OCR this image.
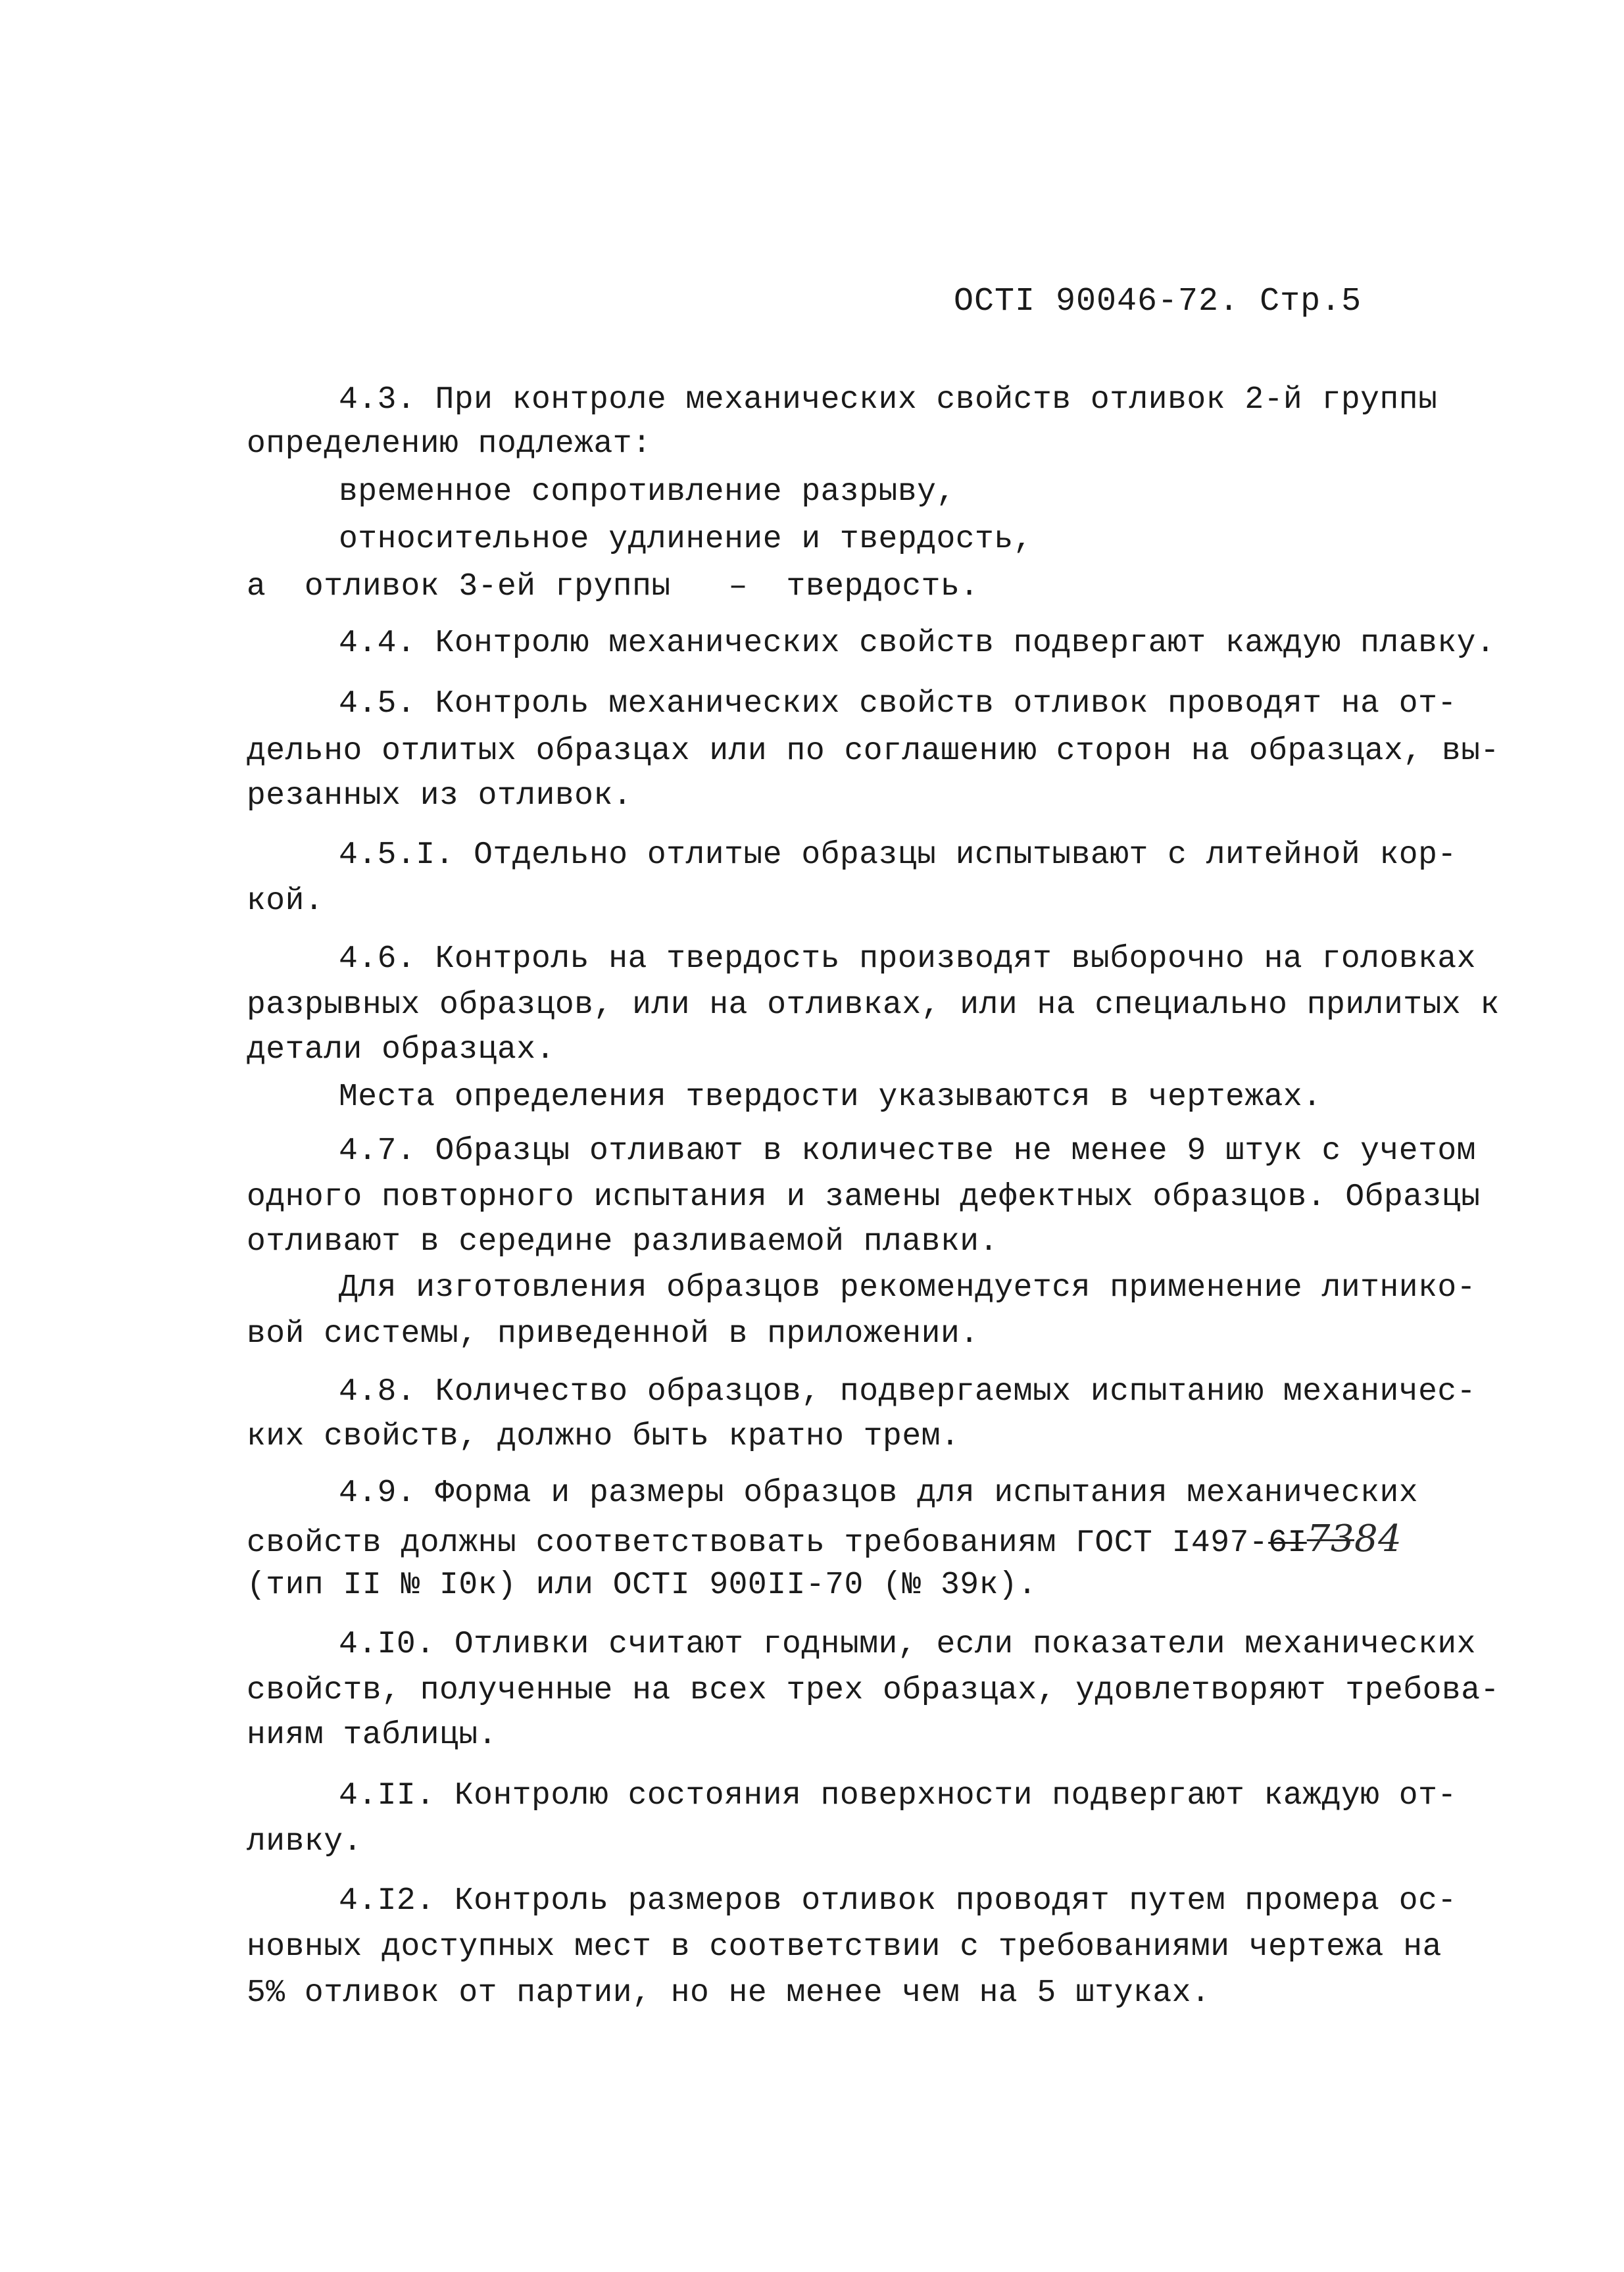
ОСТI 90046-72. Стр.5
4.3. При контроле механических свойств отливок 2-й группы
определению подлежат:
временное сопротивление разрыву,
относительное удлинение и твердость,
а  отливок 3-ей группы   –  твердость.
4.4. Контролю механических свойств подвергают каждую плавку.
4.5. Контроль механических свойств отливок проводят на от-
дельно отлитых образцах или по соглашению сторон на образцах, вы-
резанных из отливок.
4.5.I. Отдельно отлитые образцы испытывают с литейной кор-
кой.
4.6. Контроль на твердость производят выборочно на головках
разрывных образцов, или на отливках, или на специально прилитых к
детали образцах.
Места определения твердости указываются в чертежах.
4.7. Образцы отливают в количестве не менее 9 штук с учетом
одного повторного испытания и замены дефектных образцов. Образцы
отливают в середине разливаемой плавки.
Для изготовления образцов рекомендуется применение литнико-
вой системы, приведенной в приложении.
4.8. Количество образцов, подвергаемых испытанию механичес-
ких свойств, должно быть кратно трем.
4.9. Форма и размеры образцов для испытания механических
свойств должны соответствовать требованиям ГОСТ I497-6I7384
(тип II № I0к) или ОСТI 900II-70 (№ 39к).
4.I0. Отливки считают годными, если показатели механических
свойств, полученные на всех трех образцах, удовлетворяют требова-
ниям таблицы.
4.II. Контролю состояния поверхности подвергают каждую от-
ливку.
4.I2. Контроль размеров отливок проводят путем промера ос-
новных доступных мест в соответствии с требованиями чертежа на
5% отливок от партии, но не менее чем на 5 штуках.
